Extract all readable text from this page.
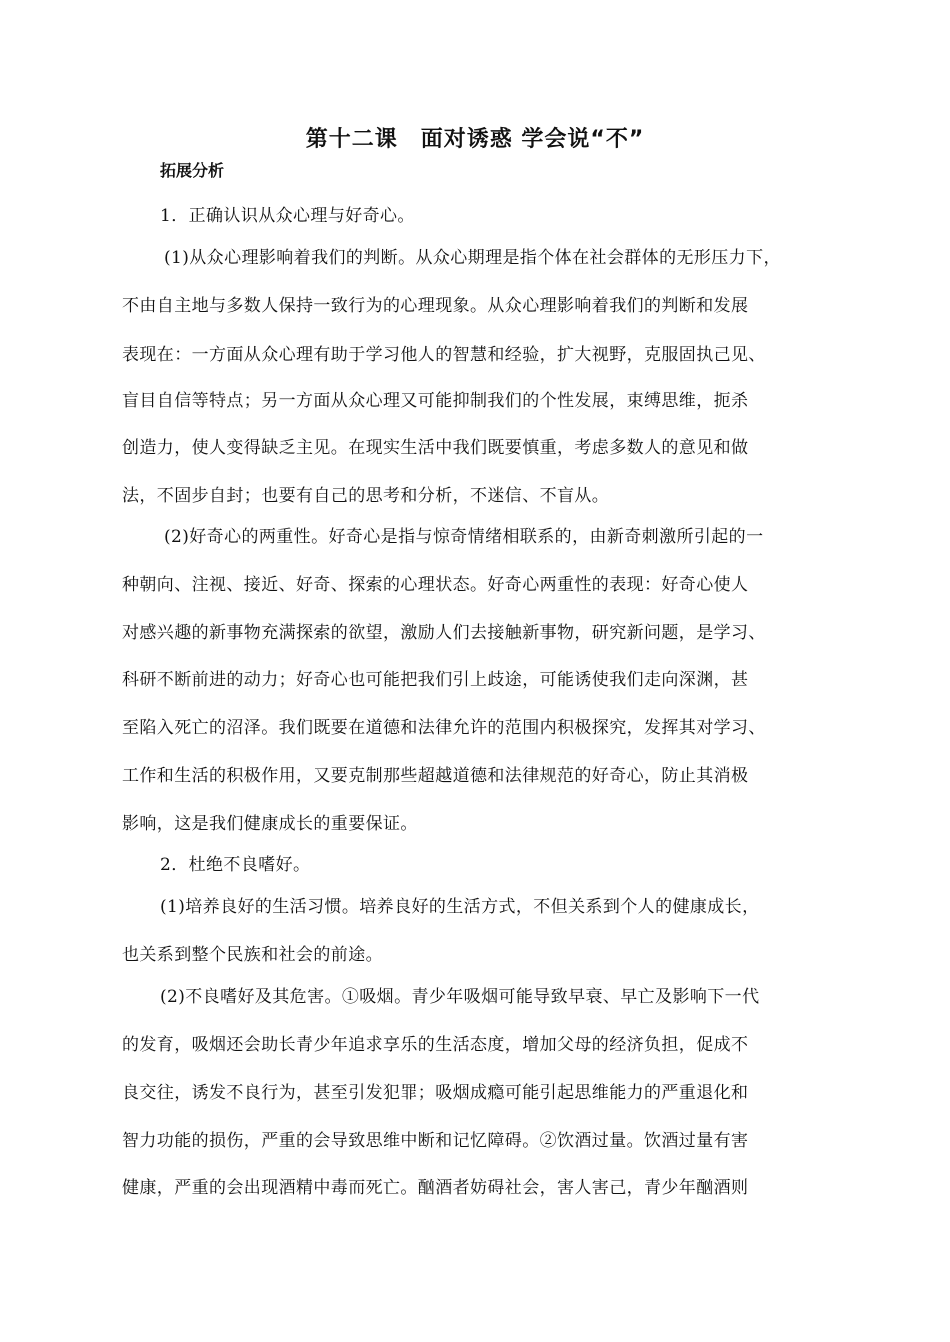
第十二课　面对诱惑 学会说“不”
拓展分析
1．正确认识从众心理与好奇心。
(1)从众心理影响着我们的判断。从众心期理是指个体在社会群体的无形压力下，
不由自主地与多数人保持一致行为的心理现象。从众心理影响着我们的判断和发展
表现在：一方面从众心理有助于学习他人的智慧和经验，扩大视野，克服固执己见、
盲目自信等特点；另一方面从众心理又可能抑制我们的个性发展，束缚思维，扼杀
创造力，使人变得缺乏主见。在现实生活中我们既要慎重，考虑多数人的意见和做
法，不固步自封；也要有自己的思考和分析，不迷信、不盲从。
(2)好奇心的两重性。好奇心是指与惊奇情绪相联系的，由新奇刺激所引起的一
种朝向、注视、接近、好奇、探索的心理状态。好奇心两重性的表现：好奇心使人
对感兴趣的新事物充满探索的欲望，激励人们去接触新事物，研究新问题，是学习、
科研不断前进的动力；好奇心也可能把我们引上歧途，可能诱使我们走向深渊，甚
至陷入死亡的沼泽。我们既要在道德和法律允许的范围内积极探究，发挥其对学习、
工作和生活的积极作用，又要克制那些超越道德和法律规范的好奇心，防止其消极
影响，这是我们健康成长的重要保证。
2．杜绝不良嗜好。
(1)培养良好的生活习惯。培养良好的生活方式，不但关系到个人的健康成长，
也关系到整个民族和社会的前途。
(2)不良嗜好及其危害。①吸烟。青少年吸烟可能导致早衰、早亡及影响下一代
的发育，吸烟还会助长青少年追求享乐的生活态度，增加父母的经济负担，促成不
良交往，诱发不良行为，甚至引发犯罪；吸烟成瘾可能引起思维能力的严重退化和
智力功能的损伤，严重的会导致思维中断和记忆障碍。②饮酒过量。饮酒过量有害
健康，严重的会出现酒精中毒而死亡。酗酒者妨碍社会，害人害己，青少年酗酒则
